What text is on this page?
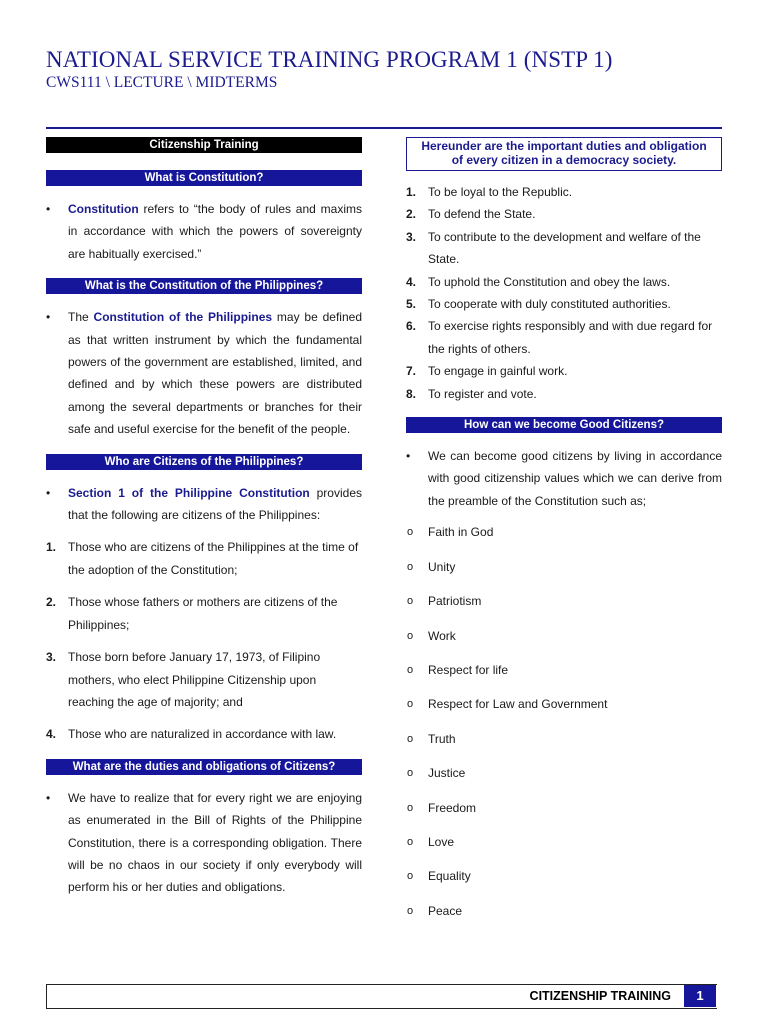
NATIONAL SERVICE TRAINING PROGRAM 1 (NSTP 1)
CWS111 \ LECTURE \ MIDTERMS
Citizenship Training
What is Constitution?
• Constitution refers to “the body of rules and maxims in accordance with which the powers of sovereignty are habitually exercised.”
What is the Constitution of the Philippines?
• The Constitution of the Philippines may be defined as that written instrument by which the fundamental powers of the government are established, limited, and defined and by which these powers are distributed among the several departments or branches for their safe and useful exercise for the benefit of the people.
Who are Citizens of the Philippines?
• Section 1 of the Philippine Constitution provides that the following are citizens of the Philippines:
1. Those who are citizens of the Philippines at the time of the adoption of the Constitution;
2. Those whose fathers or mothers are citizens of the Philippines;
3. Those born before January 17, 1973, of Filipino mothers, who elect Philippine Citizenship upon reaching the age of majority; and
4. Those who are naturalized in accordance with law.
What are the duties and obligations of Citizens?
• We have to realize that for every right we are enjoying as enumerated in the Bill of Rights of the Philippine Constitution, there is a corresponding obligation. There will be no chaos in our society if only everybody will perform his or her duties and obligations.
Hereunder are the important duties and obligation
of every citizen in a democracy society.
1. To be loyal to the Republic.
2. To defend the State.
3. To contribute to the development and welfare of the State.
4. To uphold the Constitution and obey the laws.
5. To cooperate with duly constituted authorities.
6. To exercise rights responsibly and with due regard for the rights of others.
7. To engage in gainful work.
8. To register and vote.
How can we become Good Citizens?
• We can become good citizens by living in accordance with good citizenship values which we can derive from the preamble of the Constitution such as;
o Faith in God
o Unity
o Patriotism
o Work
o Respect for life
o Respect for Law and Government
o Truth
o Justice
o Freedom
o Love
o Equality
o Peace
CITIZENSHIP TRAINING	1
